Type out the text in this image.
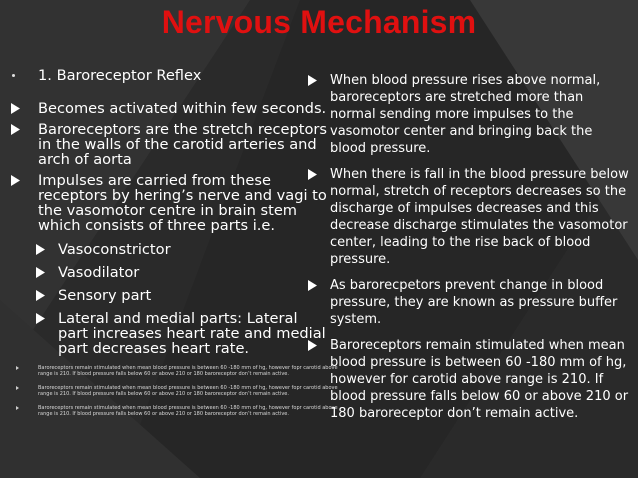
Nervous Mechanism
1. Baroreceptor Reflex
Becomes activated within few seconds.
Baroreceptors are the stretch receptors in the walls of the carotid arteries and arch of aorta
Impulses are carried from these receptors by hering’s nerve and vagi to the vasomotor centre in brain stem which consists of three parts i.e.
Vasoconstrictor
Vasodilator
Sensory part
Lateral and medial parts: Lateral part increases heart rate and medial part decreases heart rate.
Baroreceptors remain stimulated when mean blood pressure is between 60 -180 mm of hg, however fopr carotid above range is 210. If blood pressure falls below 60 or above 210 or 180 baroreceptor don’t remain active.
Baroreceptors remain stimulated when mean blood pressure is between 60 -180 mm of hg, however fopr carotid above range is 210. If blood pressure falls below 60 or above 210 or 180 baroreceptor don’t remain active.
Baroreceptors remain stimulated when mean blood pressure is between 60 -180 mm of hg, however fopr carotid above range is 210. If blood pressure falls below 60 or above 210 or 180 baroreceptor don’t remain active.
When blood pressure rises above normal, baroreceptors are stretched more than normal sending more impulses to the vasomotor center and bringing back the blood pressure.
When there is fall in the blood pressure below normal, stretch of receptors decreases so the discharge of impulses decreases and this decrease discharge stimulates the vasomotor center, leading to the rise back of blood pressure.
As barorecpetors prevent change in blood pressure, they are known as pressure buffer system.
Baroreceptors remain stimulated when mean blood pressure is between 60 -180 mm of hg, however for carotid above range is 210. If blood pressure falls below 60 or above 210 or 180 baroreceptor don’t remain active.
